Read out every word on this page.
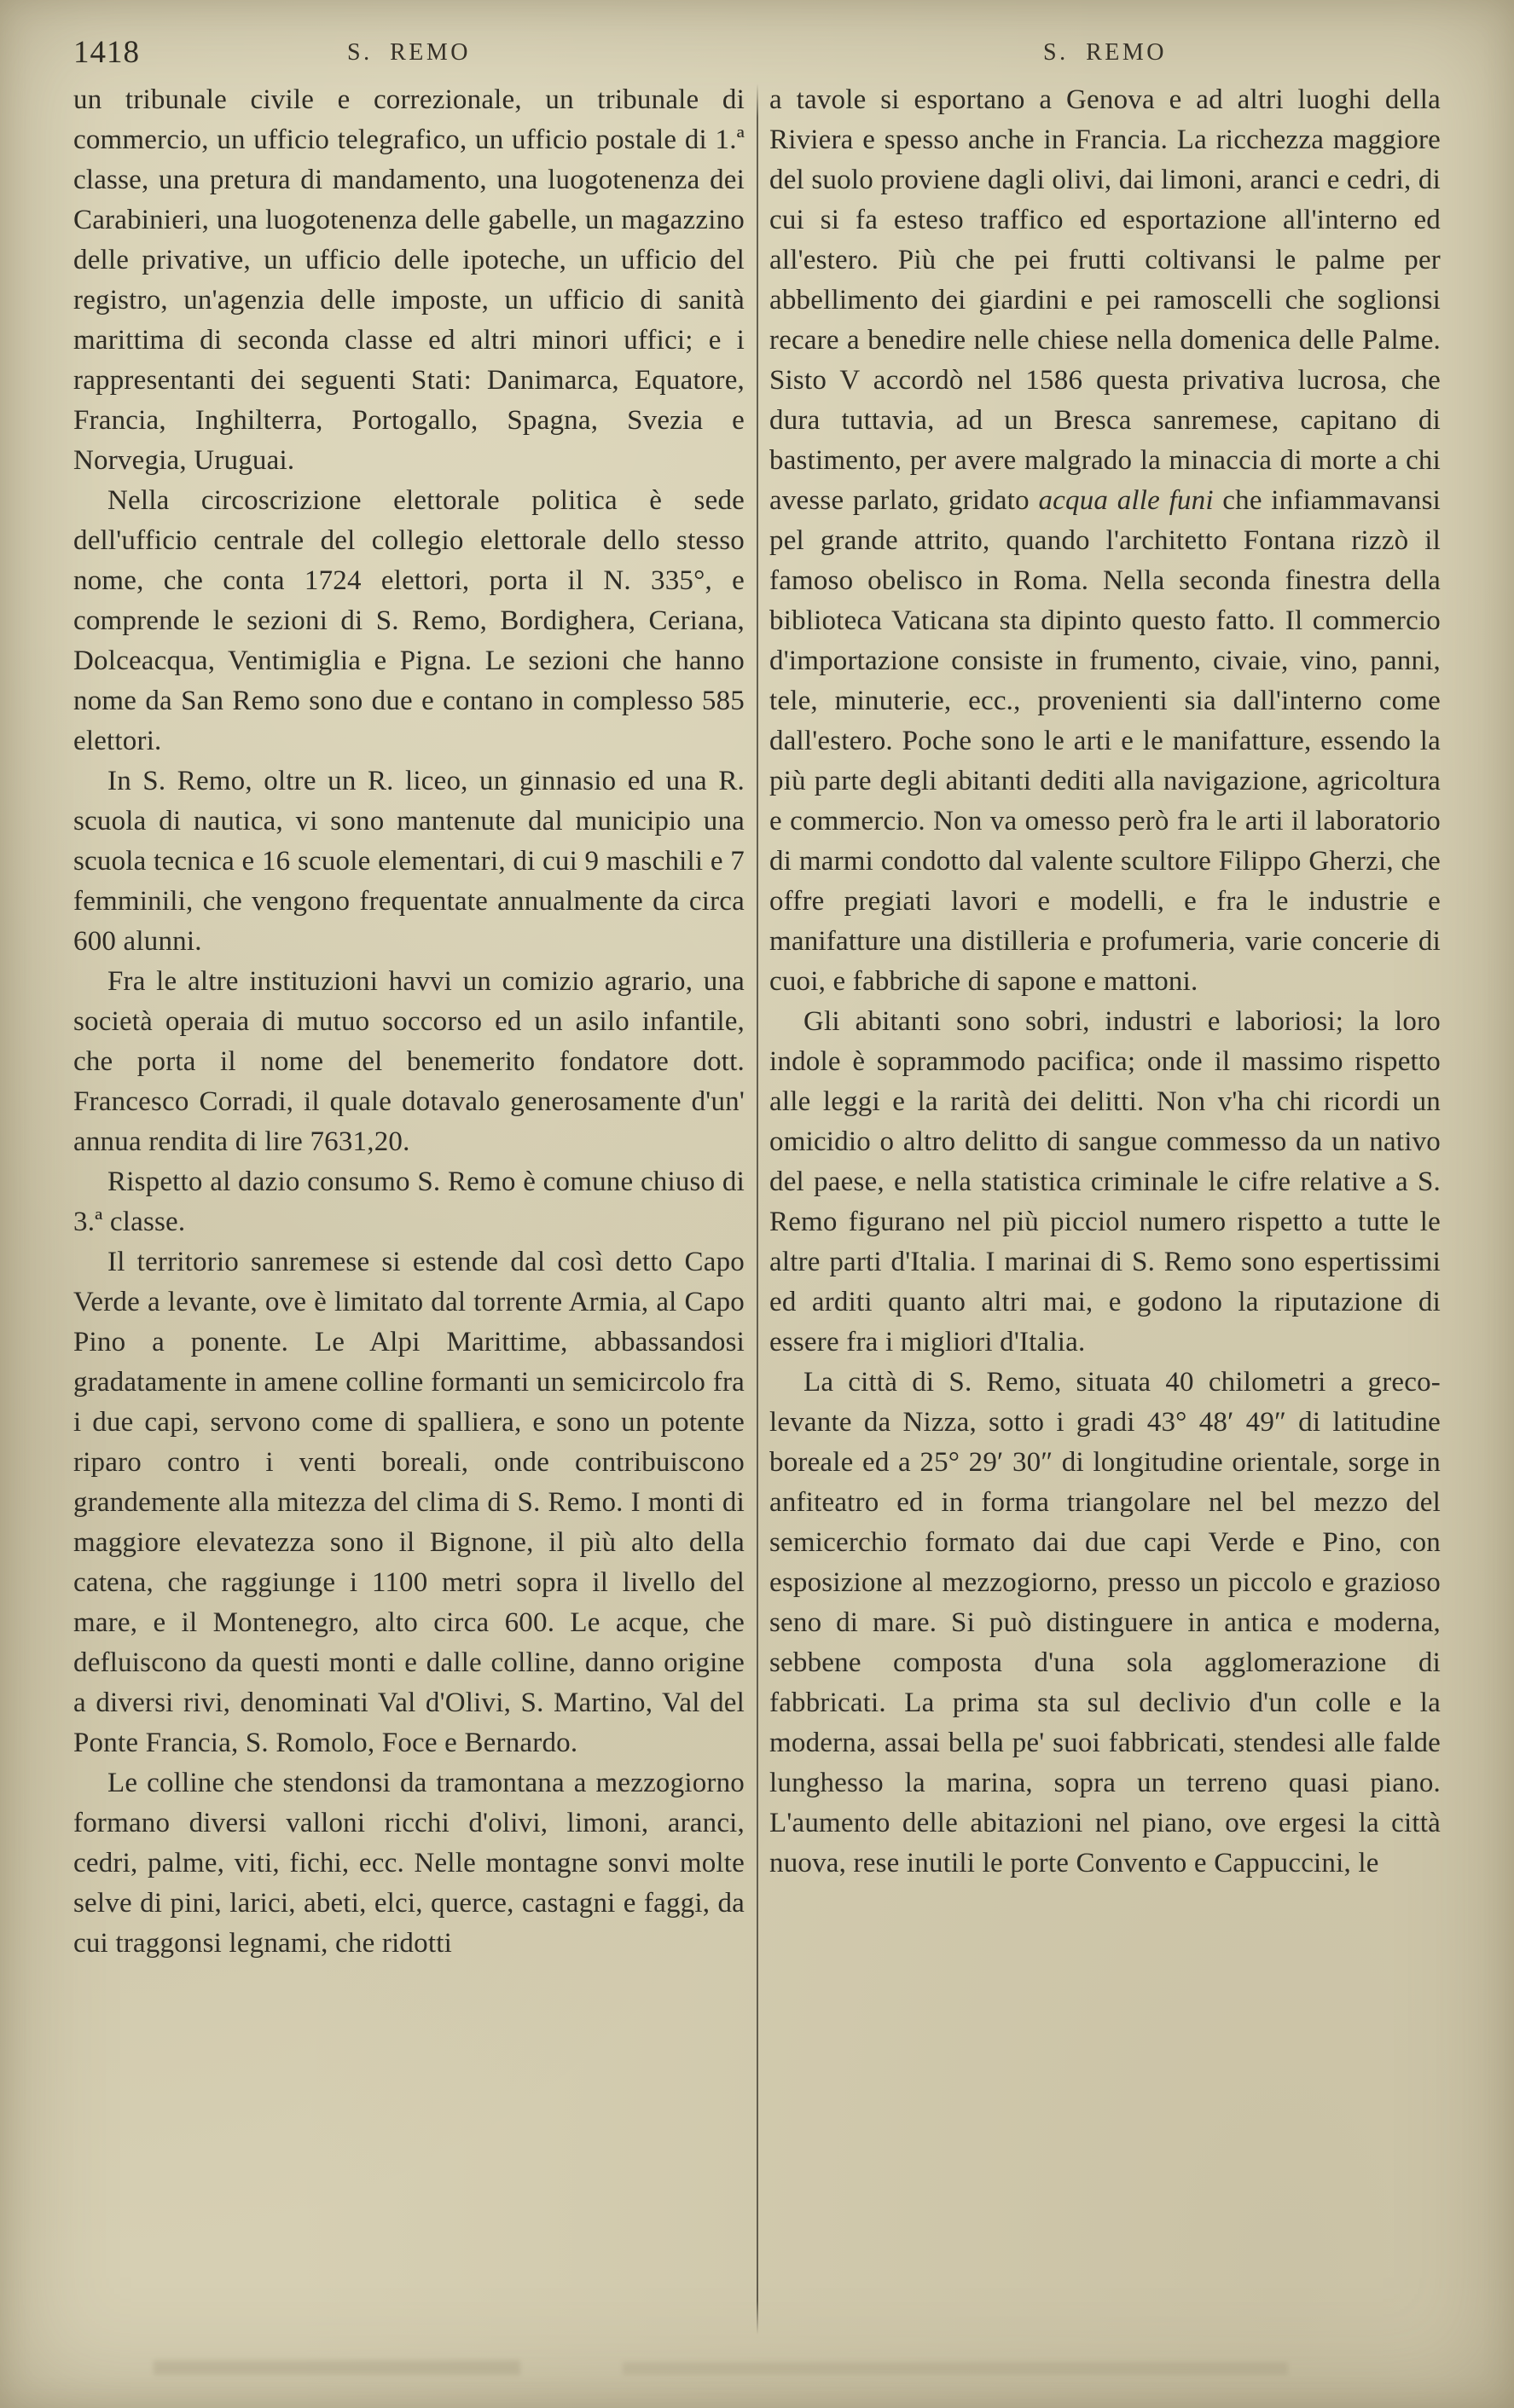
1418	S. REMO	S. REMO

un tribunale civile e correzionale, un tribunale di commercio, un ufficio telegrafico, un ufficio postale di 1.ª classe, una pretura di mandamento, una luogotenenza dei Carabinieri, una luogotenenza delle gabelle, un magazzino delle privative, un ufficio delle ipoteche, un ufficio del registro, un'agenzia delle imposte, un ufficio di sanità marittima di seconda classe ed altri minori uffici; e i rappresentanti dei seguenti Stati: Danimarca, Equatore, Francia, Inghilterra, Portogallo, Spagna, Svezia e Norvegia, Uruguai.

Nella circoscrizione elettorale politica è sede dell'ufficio centrale del collegio elettorale dello stesso nome, che conta 1724 elettori, porta il N. 335°, e comprende le sezioni di S. Remo, Bordighera, Ceriana, Dolceacqua, Ventimiglia e Pigna. Le sezioni che hanno nome da San Remo sono due e contano in complesso 585 elettori.

In S. Remo, oltre un R. liceo, un ginnasio ed una R. scuola di nautica, vi sono mantenute dal municipio una scuola tecnica e 16 scuole elementari, di cui 9 maschili e 7 femminili, che vengono frequentate annualmente da circa 600 alunni.

Fra le altre instituzioni havvi un comizio agrario, una società operaia di mutuo soccorso ed un asilo infantile, che porta il nome del benemerito fondatore dott. Francesco Corradi, il quale dotavalo generosamente d'un' annua rendita di lire 7631,20.

Rispetto al dazio consumo S. Remo è comune chiuso di 3.ª classe.

Il territorio sanremese si estende dal così detto Capo Verde a levante, ove è limitato dal torrente Armia, al Capo Pino a ponente. Le Alpi Marittime, abbassandosi gradatamente in amene colline formanti un semicircolo fra i due capi, servono come di spalliera, e sono un potente riparo contro i venti boreali, onde contribuiscono grandemente alla mitezza del clima di S. Remo. I monti di maggiore elevatezza sono il Bignone, il più alto della catena, che raggiunge i 1100 metri sopra il livello del mare, e il Montenegro, alto circa 600. Le acque, che defluiscono da questi monti e dalle colline, danno origine a diversi rivi, denominati Val d'Olivi, S. Martino, Val del Ponte Francia, S. Romolo, Foce e Bernardo.

Le colline che stendonsi da tramontana a mezzogiorno formano diversi valloni ricchi d'olivi, limoni, aranci, cedri, palme, viti, fichi, ecc. Nelle montagne sonvi molte selve di pini, larici, abeti, elci, querce, castagni e faggi, da cui traggonsi legnami, che ridotti

a tavole si esportano a Genova e ad altri luoghi della Riviera e spesso anche in Francia. La ricchezza maggiore del suolo proviene dagli olivi, dai limoni, aranci e cedri, di cui si fa esteso traffico ed esportazione all'interno ed all'estero. Più che pei frutti coltivansi le palme per abbellimento dei giardini e pei ramoscelli che soglionsi recare a benedire nelle chiese nella domenica delle Palme. Sisto V accordò nel 1586 questa privativa lucrosa, che dura tuttavia, ad un Bresca sanremese, capitano di bastimento, per avere malgrado la minaccia di morte a chi avesse parlato, gridato acqua alle funi che infiammavansi pel grande attrito, quando l'architetto Fontana rizzò il famoso obelisco in Roma. Nella seconda finestra della biblioteca Vaticana sta dipinto questo fatto. Il commercio d'importazione consiste in frumento, civaie, vino, panni, tele, minuterie, ecc., provenienti sia dall'interno come dall'estero. Poche sono le arti e le manifatture, essendo la più parte degli abitanti dediti alla navigazione, agricoltura e commercio. Non va omesso però fra le arti il laboratorio di marmi condotto dal valente scultore Filippo Gherzi, che offre pregiati lavori e modelli, e fra le industrie e manifatture una distilleria e profumeria, varie concerie di cuoi, e fabbriche di sapone e mattoni.

Gli abitanti sono sobri, industri e laboriosi; la loro indole è soprammodo pacifica; onde il massimo rispetto alle leggi e la rarità dei delitti. Non v'ha chi ricordi un omicidio o altro delitto di sangue commesso da un nativo del paese, e nella statistica criminale le cifre relative a S. Remo figurano nel più picciol numero rispetto a tutte le altre parti d'Italia. I marinai di S. Remo sono espertissimi ed arditi quanto altri mai, e godono la riputazione di essere fra i migliori d'Italia.

La città di S. Remo, situata 40 chilometri a greco-levante da Nizza, sotto i gradi 43° 48′ 49″ di latitudine boreale ed a 25° 29′ 30″ di longitudine orientale, sorge in anfiteatro ed in forma triangolare nel bel mezzo del semicerchio formato dai due capi Verde e Pino, con esposizione al mezzogiorno, presso un piccolo e grazioso seno di mare. Si può distinguere in antica e moderna, sebbene composta d'una sola agglomerazione di fabbricati. La prima sta sul declivio d'un colle e la moderna, assai bella pe' suoi fabbricati, stendesi alle falde lunghesso la marina, sopra un terreno quasi piano. L'aumento delle abitazioni nel piano, ove ergesi la città nuova, rese inutili le porte Convento e Cappuccini, le
